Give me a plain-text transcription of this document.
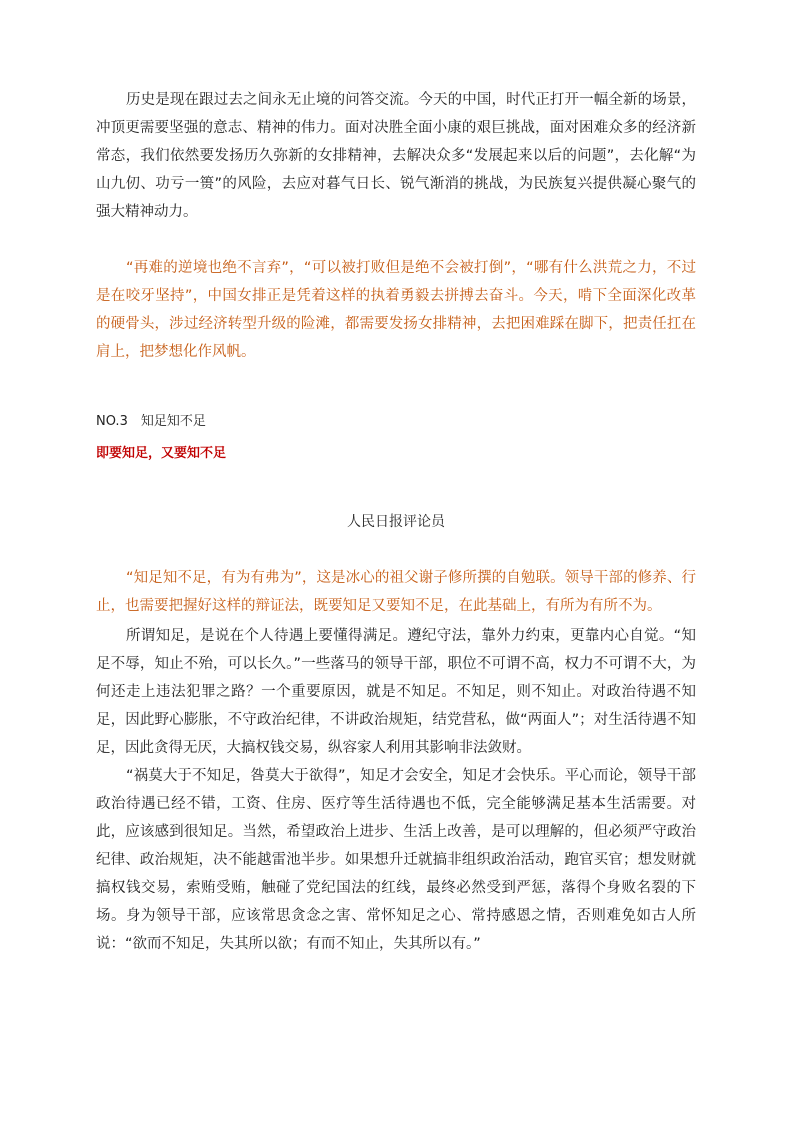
历史是现在跟过去之间永无止境的问答交流。今天的中国，时代正打开一幅全新的场景，冲顶更需要坚强的意志、精神的伟力。面对决胜全面小康的艰巨挑战，面对困难众多的经济新常态，我们依然要发扬历久弥新的女排精神，去解决众多“发展起来以后的问题”，去化解“为山九仞、功亏一篑”的风险，去应对暮气日长、锐气渐消的挑战，为民族复兴提供凝心聚气的强大精神动力。

“再难的逆境也绝不言弃”，“可以被打败但是绝不会被打倒”，“哪有什么洪荒之力，不过是在咬牙坚持”，中国女排正是凭着这样的执着勇毅去拼搏去奋斗。今天，啃下全面深化改革的硬骨头，涉过经济转型升级的险滩，都需要发扬女排精神，去把困难踩在脚下，把责任扛在肩上，把梦想化作风帆。

NO.3　知足知不足

即要知足，又要知不足

人民日报评论员

“知足知不足，有为有弗为”，这是冰心的祖父谢子修所撰的自勉联。领导干部的修养、行止，也需要把握好这样的辩证法，既要知足又要知不足，在此基础上，有所为有所不为。

所谓知足，是说在个人待遇上要懂得满足。遵纪守法，靠外力约束，更靠内心自觉。“知足不辱，知止不殆，可以长久。”一些落马的领导干部，职位不可谓不高，权力不可谓不大，为何还走上违法犯罪之路？一个重要原因，就是不知足。不知足，则不知止。对政治待遇不知足，因此野心膨胀，不守政治纪律，不讲政治规矩，结党营私，做“两面人”；对生活待遇不知足，因此贪得无厌，大搞权钱交易，纵容家人利用其影响非法敛财。

“祸莫大于不知足，咎莫大于欲得”，知足才会安全，知足才会快乐。平心而论，领导干部政治待遇已经不错，工资、住房、医疗等生活待遇也不低，完全能够满足基本生活需要。对此，应该感到很知足。当然，希望政治上进步、生活上改善，是可以理解的，但必须严守政治纪律、政治规矩，决不能越雷池半步。如果想升迁就搞非组织政治活动，跑官买官；想发财就搞权钱交易，索贿受贿，触碰了党纪国法的红线，最终必然受到严惩，落得个身败名裂的下场。身为领导干部，应该常思贪念之害、常怀知足之心、常持感恩之情，否则难免如古人所说：“欲而不知足，失其所以欲；有而不知止，失其所以有。”
